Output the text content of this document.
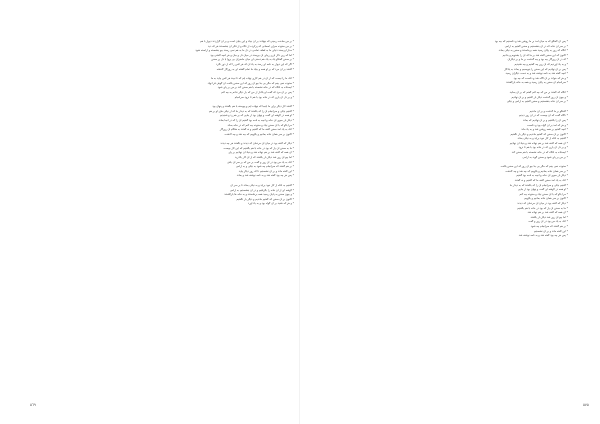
* بر من ساخت زمینی که بنهادند بر آن بنیاد و این بنیان است و بر آن گزاردند دیوار با هم
* بر من ستوده سرای آسمانی که پرکرده از نگاه و از فکر آن بنشستند هر که دید
* مدارا و پسند دنیای ما به لطف تمامی در دل ما به هم نمی رسند چو بنشسته و آراسته شود
* اما که زین دگر بازی زیبای آن بپرسند در میان دل و جان و هر آنچه گفتنی بود
* بر سخن گفتگو یک به یک هم دستی ای میان حاضران بی پروا با دل پر سخن
* اگر که این دیوار به نامه ای رسد به یاد آن که هر کس را که از دور نگرد
* گفتند بر آن مرد که بر او همه و بنیاد ما تمام گشته ای به روزگار گذشته
* آنک ما را نیست که از آن در هم کاری نهاده ایم که تا نبیند هر کس بیاید به ما
* ستوده نمی بینم که مگر بی جا چو آن روز که این سخن بگفت آن گوش فرا نهاد
* ایستاده به آنگاه که در خانه نشسته با هم سخن کند بر من بر پای شود
* پس بر آن مرد که گفت او بگذار از من که بار دیگر ندانم به چه کنم
* و بر دل آن یاری که در خانه بود با هم تا نرود سرانجام
* گفتند کار دیگر برای ما اینجا که بنهاده ایم و پیوسته با هم بگفتند و پنهان بود
* گفتیم نیکی و سرانجام آن را که بگفتند که به دیدار ما که از نیکی های او بر هم
* او همه در گوشه ای گفت و پنهان بود از جایی که بر هم زد و شنیدیم
* دیگر بار سوی آن خانه و آنچه به نامه بود گفتیم آن را که در آنجا بماند
* مرا بگو که با آن سخن نیک و ستوده چه کنم که در خانه بماند
* آنک به یاد آمد سخن گفته ما که گفتیم و نه گفتند به هنگام آن روزگار
* اکنون بر سر همان خانه بمانیم و بگوییم که چه شد و چه گذشت
* دیگر که گفته بود در میان آن مردمان که دیدند و بگفتند هر چه دیدند
* ما به سخن آن یار که بود در خانه با هم بگفتیم که این کار چیست
* آن همه که گفته شد بر هم نهاده شد و بنیاد آن نهادیم بر پای
* اما چو آن روز شد دیگر بار بگفتند که از آن کار بگذرید
* آنک به یاد من بود در آن روز و گفت بر من که بر سر آن باش
* بر هم گفتند که سرانجام چه شود به نیکی و به آرامی
* این گفته ماند و بر آن نشستیم تا که روز دیگر بیاید
* پس هر چه بود گفته شد و به نامه نوشته شد و بماند
* گفتیم به آنکه از کار خود برآید و به نیکی بماند تا بر سر آن
* گوشه ای از آن خانه را بگرفتیم و در آن بنشستیم به آرامی
* و چون سخن به پایان رسید همه برخاستند و به خانه ها بازگشتند
* اکنون بر آن سخن که گفتیم ماندیم و دیگر بار نگفتیم
* و هر که شنید بر آن گواه بود و به یاد آورد
٥٦٩
* پس آن گفتگو که به میان آمد بر ما روشن شد و دانستیم که چه بود
* بر سر آن خانه که در آن بنشستیم و سخن گفتیم به آرامی
* آنگاه که روز به پایان رسید همه برخاستند و سخن به نیکی بماند
* اکنون که این سخن گفته شد بر ما که آن را بشنویم و بدانیم
* که در آن روزگار چه بود و چه گذشت بر ما و بر دیگران
* و به یاد آوردیم که آن روز چه گفتیم و چه شنیدیم
* پس بر آن نهادیم که این سخن را بنویسیم و بماند به یادگار
* آنچه گفته شد به نامه نوشته شد و به دست دیگران رسید
* و هر که خواند بر آن آگاه شد و دانست که چه بود
* سرانجام آن سخن به پایان رسید و همه به خانه بازگشتند
* آنگاه که گفتند بر من که چه کنم گفتم که بر آن بمانید
* و چون آن روز گذشت دیگر بار گفتیم و بر آن نهادیم
* بر سر آن خانه بنشستیم و سخن گفتیم به آرامی و نیکی
* گفتگو بر ما گذشت و بر آن ماندیم
* ناگاه گفت که آن چیست که در آن روز دیدیم
* پس آن را بگفتیم و بر آن نهادیم که بماند
* و هر که آمد بر آن گواه بود و دانست
* آنچه گفتیم بر همه روشن شد و به یاد ماند
* اکنون بر آن سخن که گفتیم ماندیم و دیگر بار نگفتیم
* گفتیم به آنکه از کار خود برآید و به نیکی بماند
* آن همه که گفته شد بر هم نهاده شد و بنیاد آن نهادیم
* و بر دل آن یاری که در خانه بود با هم تا نرود
* ایستاده به آنگاه که در خانه نشسته با هم سخن کند
* بر من بر پای شود و سخن گوید به آرامی
* ستوده نمی بینم که مگر بی جا چو آن روز که این سخن بگفت
* بر سر همان خانه بمانیم و بگوییم که چه شد و چه گذشت
* دیگر بار سوی آن خانه و آنچه به نامه بود گفتیم
* آنک به یاد آمد سخن گفته ما که گفتیم و نه گفتند
* گفتیم نیکی و سرانجام آن را که بگفتند که به دیدار ما
* او همه در گوشه ای گفت و پنهان بود از جایی
* مرا بگو که با آن سخن نیک و ستوده چه کنم
* اکنون بر سر همان خانه بمانیم و بگوییم
* دیگر که گفته بود در میان آن مردمان که دیدند
* ما به سخن آن یار که بود در خانه با هم بگفتیم
* آن همه که گفته شد بر هم نهاده شد
* اما چو آن روز شد دیگر بار بگفتند
* آنک به یاد من بود در آن روز و گفت
* بر هم گفتند که سرانجام چه شود
* این گفته ماند و بر آن نشستیم
* پس هر چه بود گفته شد و به نامه نوشته شد
٥٧٥
